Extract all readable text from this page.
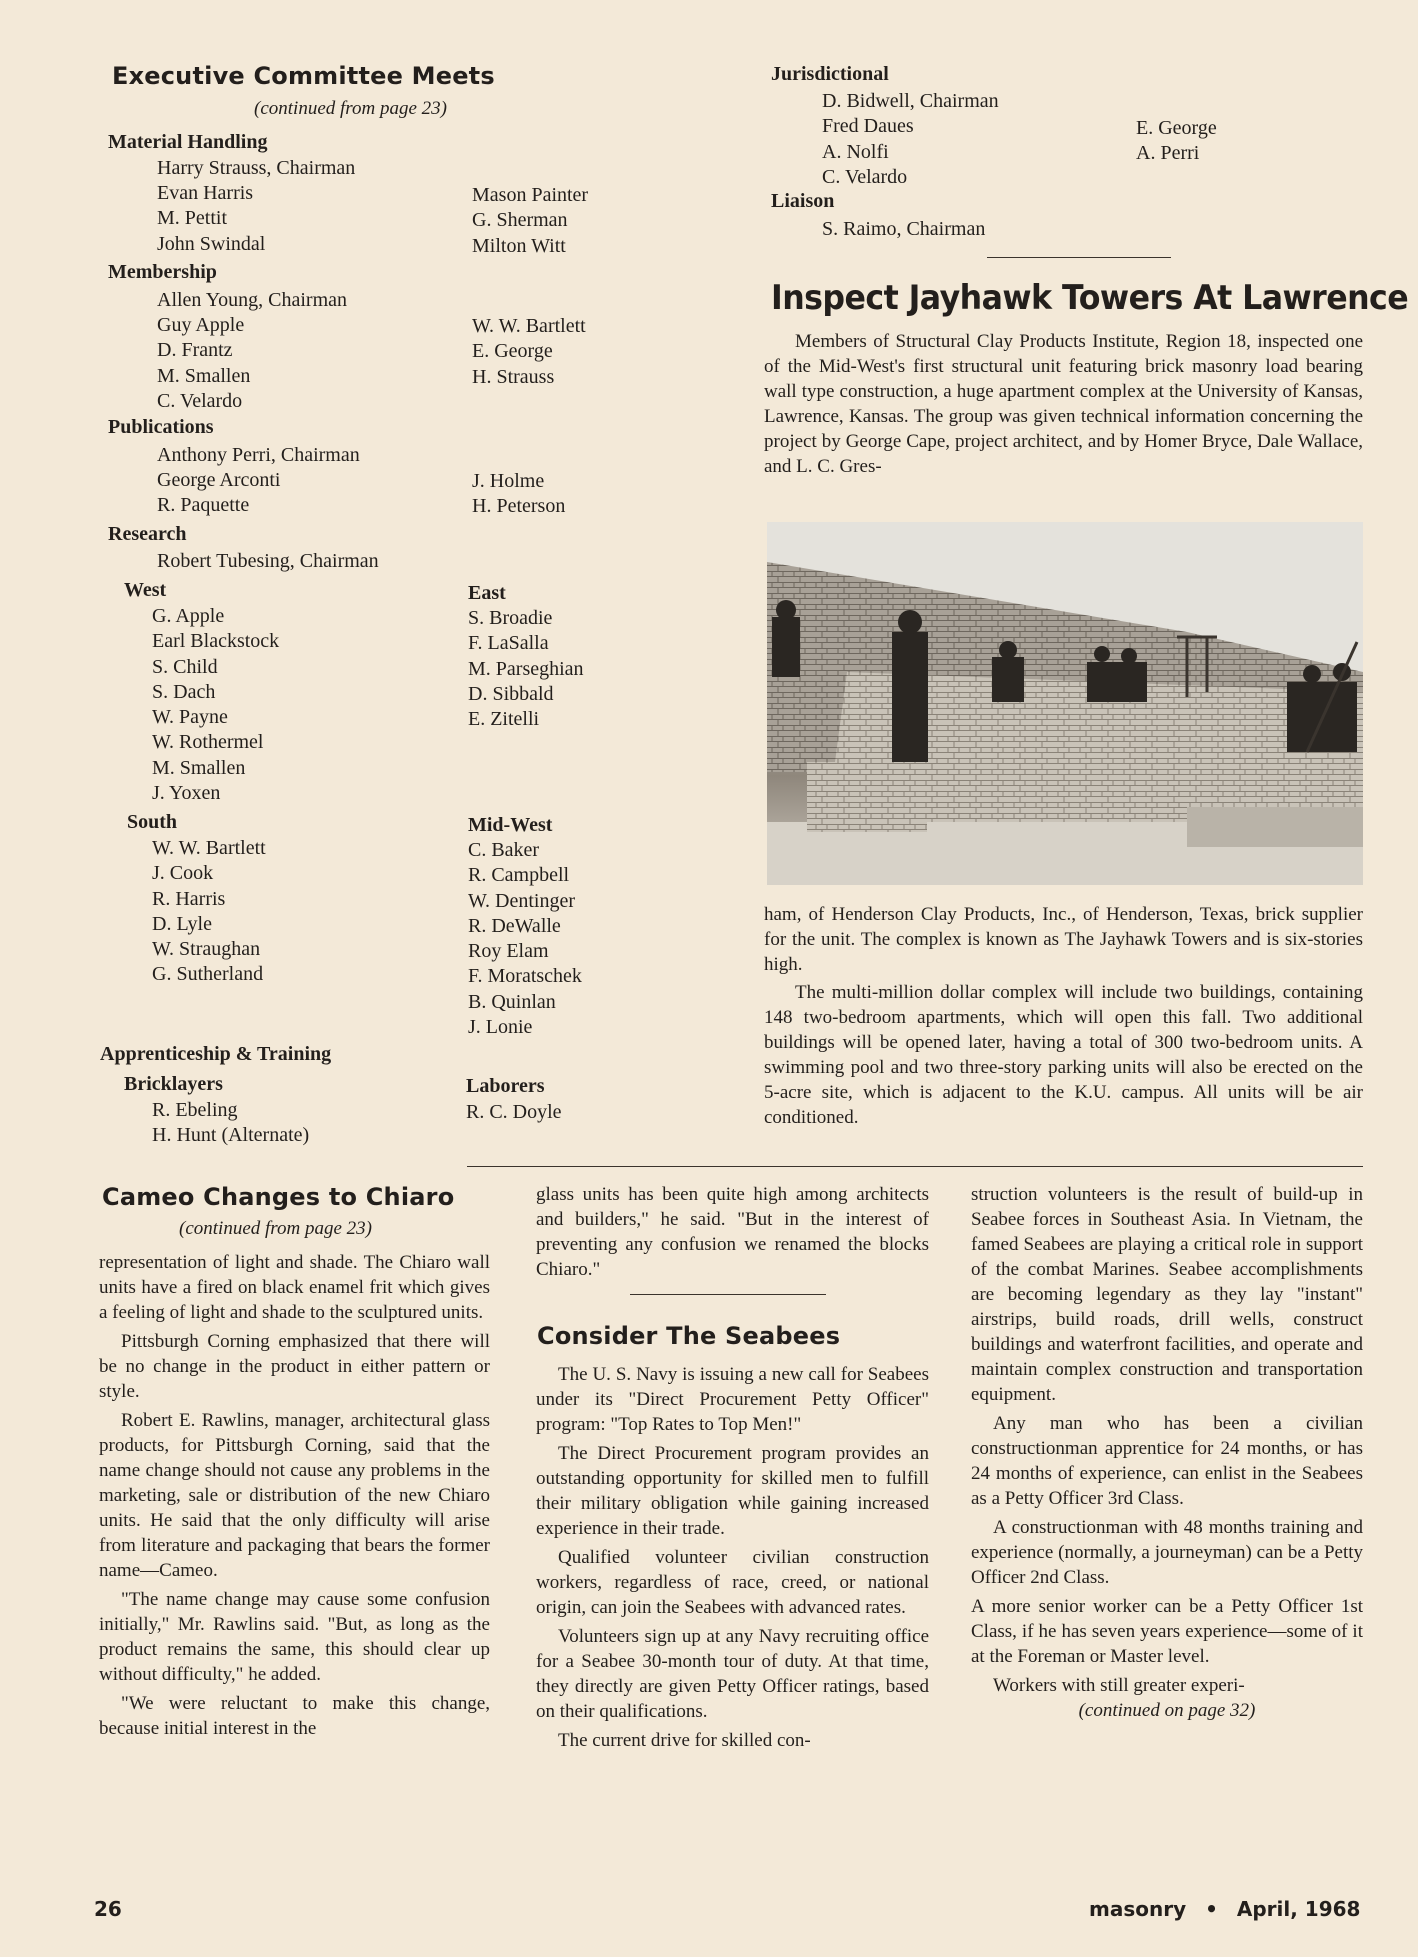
Executive Committee Meets
(continued from page 23)
Material Handling
Harry Strauss, Chairman
Evan Harris
M. Pettit
John Swindal
Mason Painter
G. Sherman
Milton Witt
Membership
Allen Young, Chairman
Guy Apple
D. Frantz
M. Smallen
C. Velardo
W. W. Bartlett
E. George
H. Strauss
Publications
Anthony Perri, Chairman
George Arconti
R. Paquette
J. Holme
H. Peterson
Research
Robert Tubesing, Chairman
West
G. Apple
Earl Blackstock
S. Child
S. Dach
W. Payne
W. Rothermel
M. Smallen
J. Yoxen
East
S. Broadie
F. LaSalla
M. Parseghian
D. Sibbald
E. Zitelli
South
W. W. Bartlett
J. Cook
R. Harris
D. Lyle
W. Straughan
G. Sutherland
Mid-West
C. Baker
R. Campbell
W. Dentinger
R. DeWalle
Roy Elam
F. Moratschek
B. Quinlan
J. Lonie
Apprenticeship & Training
Bricklayers
R. Ebeling
H. Hunt (Alternate)
Laborers
R. C. Doyle
Jurisdictional
D. Bidwell, Chairman
Fred Daues
A. Nolfi
C. Velardo
E. George
A. Perri
Liaison
S. Raimo, Chairman
Inspect Jayhawk Towers At Lawrence

Members of Structural Clay Products Institute, Region 18, inspected one of the Mid-West's first structural unit featuring brick masonry load bearing wall type construction, a huge apartment complex at the University of Kansas, Lawrence, Kansas. The group was given technical information concerning the project by George Cape, project architect, and by Homer Bryce, Dale Wallace, and L. C. Gres-

ham, of Henderson Clay Products, Inc., of Henderson, Texas, brick supplier for the unit. The complex is known as The Jayhawk Towers and is six-stories high.

The multi-million dollar complex will include two buildings, containing 148 two-bedroom apartments, which will open this fall. Two additional buildings will be opened later, having a total of 300 two-bedroom units. A swimming pool and two three-story parking units will also be erected on the 5-acre site, which is adjacent to the K.U. campus. All units will be air conditioned.

Cameo Changes to Chiaro
(continued from page 23)

representation of light and shade. The Chiaro wall units have a fired on black enamel frit which gives a feeling of light and shade to the sculptured units.

Pittsburgh Corning emphasized that there will be no change in the product in either pattern or style.

Robert E. Rawlins, manager, architectural glass products, for Pittsburgh Corning, said that the name change should not cause any problems in the marketing, sale or distribution of the new Chiaro units. He said that the only difficulty will arise from literature and packaging that bears the former name—Cameo.

"The name change may cause some confusion initially," Mr. Rawlins said. "But, as long as the product remains the same, this should clear up without difficulty," he added.

"We were reluctant to make this change, because initial interest in the

glass units has been quite high among architects and builders," he said. "But in the interest of preventing any confusion we renamed the blocks Chiaro."

Consider The Seabees

The U. S. Navy is issuing a new call for Seabees under its "Direct Procurement Petty Officer" program: "Top Rates to Top Men!"

The Direct Procurement program provides an outstanding opportunity for skilled men to fulfill their military obligation while gaining increased experience in their trade.

Qualified volunteer civilian construction workers, regardless of race, creed, or national origin, can join the Seabees with advanced rates.

Volunteers sign up at any Navy recruiting office for a Seabee 30-month tour of duty. At that time, they directly are given Petty Officer ratings, based on their qualifications.

The current drive for skilled con-

struction volunteers is the result of build-up in Seabee forces in Southeast Asia. In Vietnam, the famed Seabees are playing a critical role in support of the combat Marines. Seabee accomplishments are becoming legendary as they lay "instant" airstrips, build roads, drill wells, construct buildings and waterfront facilities, and operate and maintain complex construction and transportation equipment.

Any man who has been a civilian constructionman apprentice for 24 months, or has 24 months of experience, can enlist in the Seabees as a Petty Officer 3rd Class.

A constructionman with 48 months training and experience (normally, a journeyman) can be a Petty Officer 2nd Class.

A more senior worker can be a Petty Officer 1st Class, if he has seven years experience—some of it at the Foreman or Master level.

Workers with still greater experi-

(continued on page 32)
26	masonry • April, 1968
